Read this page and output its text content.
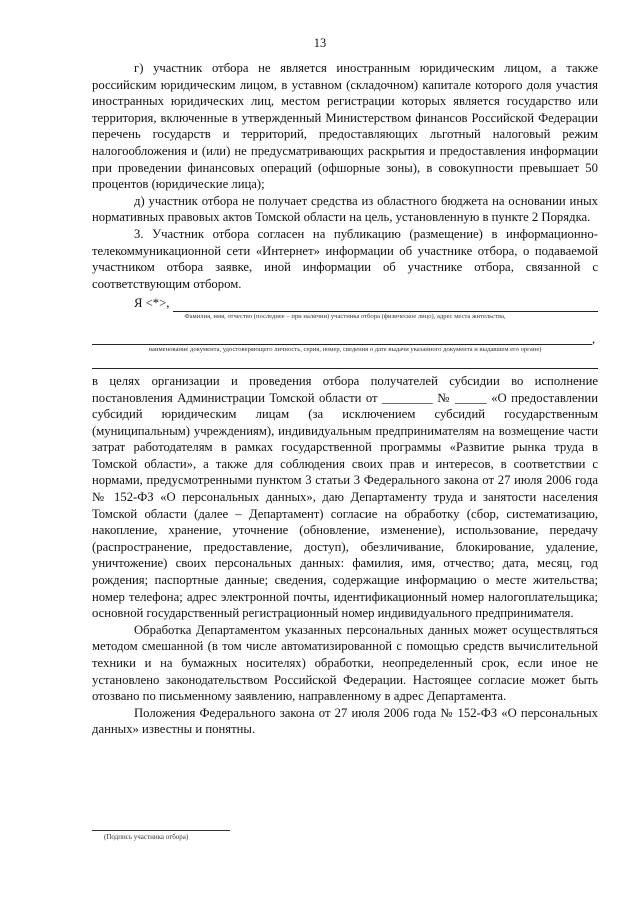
13

г) участник отбора не является иностранным юридическим лицом, а также российским юридическим лицом, в уставном (складочном) капитале которого доля участия иностранных юридических лиц, местом регистрации которых является государство или территория, включенные в утвержденный Министерством финансов Российской Федерации перечень государств и территорий, предоставляющих льготный налоговый режим налогообложения и (или) не предусматривающих раскрытия и предоставления информации при проведении финансовых операций (офшорные зоны), в совокупности превышает 50 процентов (юридические лица);

д) участник отбора не получает средства из областного бюджета на основании иных нормативных правовых актов Томской области на цель, установленную в пункте 2 Порядка.

3. Участник отбора согласен на публикацию (размещение) в информационно-телекоммуникационной сети «Интернет» информации об участнике отбора, о подаваемой участником отбора заявке, иной информации об участнике отбора, связанной с соответствующим отбором.

Я <*>,
Фамилия, имя, отчество (последнее – при наличии) участника отбора (физическое лицо), адрес места жительства,
,
наименование документа, удостоверяющего личность, серия, номер, сведения о дате выдачи указанного документа и выдавшем его органе)

в целях организации и проведения отбора получателей субсидии во исполнение постановления Администрации Томской области от ________ № _____ «О предоставлении субсидий юридическим лицам (за исключением субсидий государственным (муниципальным) учреждениям), индивидуальным предпринимателям на возмещение части затрат работодателям в рамках государственной программы «Развитие рынка труда в Томской области», а также для соблюдения своих прав и интересов, в соответствии с нормами, предусмотренными пунктом 3 статьи 3 Федерального закона от 27 июля 2006 года № 152-ФЗ «О персональных данных», даю Департаменту труда и занятости населения Томской области (далее – Департамент) согласие на обработку (сбор, систематизацию, накопление, хранение, уточнение (обновление, изменение), использование, передачу (распространение, предоставление, доступ), обезличивание, блокирование, удаление, уничтожение) своих персональных данных: фамилия, имя, отчество; дата, месяц, год рождения; паспортные данные; сведения, содержащие информацию о месте жительства; номер телефона; адрес электронной почты, идентификационный номер налогоплательщика; основной государственный регистрационный номер индивидуального предпринимателя.

Обработка Департаментом указанных персональных данных может осуществляться методом смешанной (в том числе автоматизированной с помощью средств вычислительной техники и на бумажных носителях) обработки, неопределенный срок, если иное не установлено законодательством Российской Федерации. Настоящее согласие может быть отозвано по письменному заявлению, направленному в адрес Департамента.

Положения Федерального закона от 27 июля 2006 года № 152-ФЗ «О персональных данных» известны и понятны.

(Подпись участника отбора)
